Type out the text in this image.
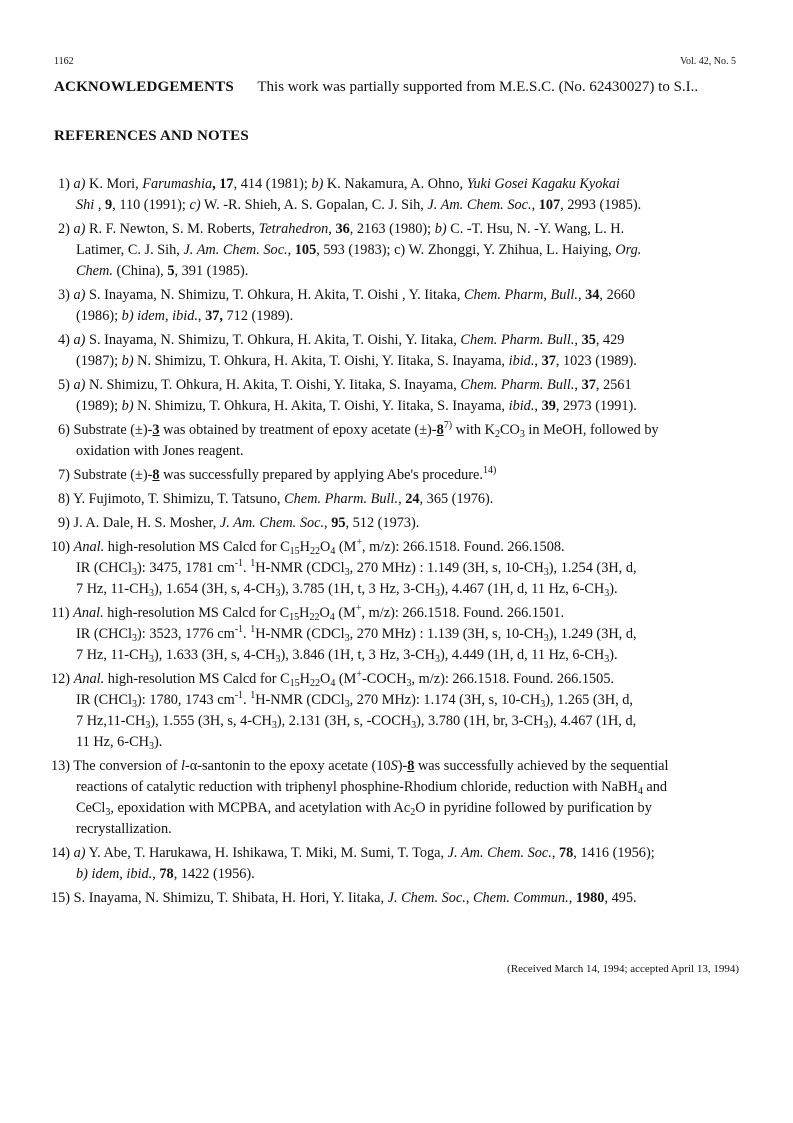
1162	Vol. 42, No. 5
ACKNOWLEDGEMENTS This work was partially supported from M.E.S.C. (No. 62430027) to S.I..
REFERENCES AND NOTES
1) a) K. Mori, Farumashia, 17, 414 (1981); b) K. Nakamura, A. Ohno, Yuki Gosei Kagaku Kyokai
Shi , 9, 110 (1991); c) W. -R. Shieh, A. S. Gopalan, C. J. Sih, J. Am. Chem. Soc., 107, 2993 (1985).
2) a) R. F. Newton, S. M. Roberts, Tetrahedron, 36, 2163 (1980); b) C. -T. Hsu, N. -Y. Wang, L. H.
Latimer, C. J. Sih, J. Am. Chem. Soc., 105, 593 (1983); c) W. Zhonggi, Y. Zhihua, L. Haiying, Org.
Chem. (China), 5, 391 (1985).
3) a) S. Inayama, N. Shimizu, T. Ohkura, H. Akita, T. Oishi , Y. Iitaka, Chem. Pharm, Bull., 34, 2660
(1986); b) idem, ibid., 37, 712 (1989).
4) a) S. Inayama, N. Shimizu, T. Ohkura, H. Akita, T. Oishi, Y. Iitaka, Chem. Pharm. Bull., 35, 429
(1987); b) N. Shimizu, T. Ohkura, H. Akita, T. Oishi, Y. Iitaka, S. Inayama, ibid., 37, 1023 (1989).
5) a) N. Shimizu, T. Ohkura, H. Akita, T. Oishi, Y. Iitaka, S. Inayama, Chem. Pharm. Bull., 37, 2561
(1989); b) N. Shimizu, T. Ohkura, H. Akita, T. Oishi, Y. Iitaka, S. Inayama, ibid., 39, 2973 (1991).
6) Substrate (±)-3 was obtained by treatment of epoxy acetate $(\pm)-8^{7)}$ with $K_2CO_3$ in MeOH, followed by
oxidation with Jones reagent.
7) Substrate (±)-8 was successfully prepared by applying Abe's procedure.$^{14)}$
8) Y. Fujimoto, T. Shimizu, T. Tatsuno, Chem. Pharm. Bull., 24, 365 (1976).
9) J. A. Dale, H. S. Mosher, J. Am. Chem. Soc., 95, 512 (1973).
10) Anal. high-resolution MS Calcd for $C_{15}H_{22}O_4$ (M+, m/z): 266.1518. Found. 266.1508.
IR (CHCl$_3$): 3475, 1781 $cm^{-1}$. $^1$H-NMR (CDCl$_3$, 270 MHz) : 1.149 (3H, s, $10-CH_3$), 1.254 (3H, d,
7 Hz, $11-CH_3$), 1.654 (3H, s, $4-CH_3$), 3.785 (1H, t, 3 Hz, $3-CH_3$), 4.467 (1H, d, 11 Hz, $6-CH_3$).
11) Anal. high-resolution MS Calcd for $C_{15}H_{22}O_4$ (M+, m/z): 266.1518. Found. 266.1501.
IR (CHCl$_3$): 3523, 1776 $cm^{-1}$. $^1$H-NMR (CDCl$_3$, 270 MHz) : 1.139 (3H, s, $10-CH_3$), 1.249 (3H, d,
7 Hz, $11-CH_3$), 1.633 (3H, s, $4-CH_3$), 3.846 (1H, t, 3 Hz, $3-CH_3$), 4.449 (1H, d, 11 Hz, $6-CH_3$).
12) Anal. high-resolution MS Calcd for $C_{15}H_{22}O_4$ ($M^+-COCH_3$, m/z): 266.1518. Found. 266.1505.
IR (CHCl$_3$): 1780, 1743 $cm^{-1}$. $^1$H-NMR (CDCl$_3$, 270 MHz): 1.174 (3H, s, $10-CH_3$), 1.265 (3H, d,
7 $Hz,11-CH_3$), 1.555 (3H, s, $4-CH_3$), 2.131 (3H, s, $-COCH_3$), 3.780 (1H, br, $3-CH_3$), 4.467 (1H, d,
11 Hz, $6-CH_3$).
13) The conversion of l-α-santonin to the epoxy acetate (10S)-8 was successfully achieved by the sequential
reactions of catalytic reduction with triphenyl phosphine-Rhodium chloride, reduction with NaBH$_4$ and
CeCl$_3$, epoxidation with MCPBA, and acetylation with $Ac_2O$ in pyridine followed by purification by
recrystallization.
14) a) Y. Abe, T. Harukawa, H. Ishikawa, T. Miki, M. Sumi, T. Toga, J. Am. Chem. Soc., 78, 1416 (1956);
b) idem, ibid., 78, 1422 (1956).
15) S. Inayama, N. Shimizu, T. Shibata, H. Hori, Y. Iitaka, J. Chem. Soc., Chem. Commun., 1980, 495.
(Received March 14, 1994; accepted April 13, 1994)
